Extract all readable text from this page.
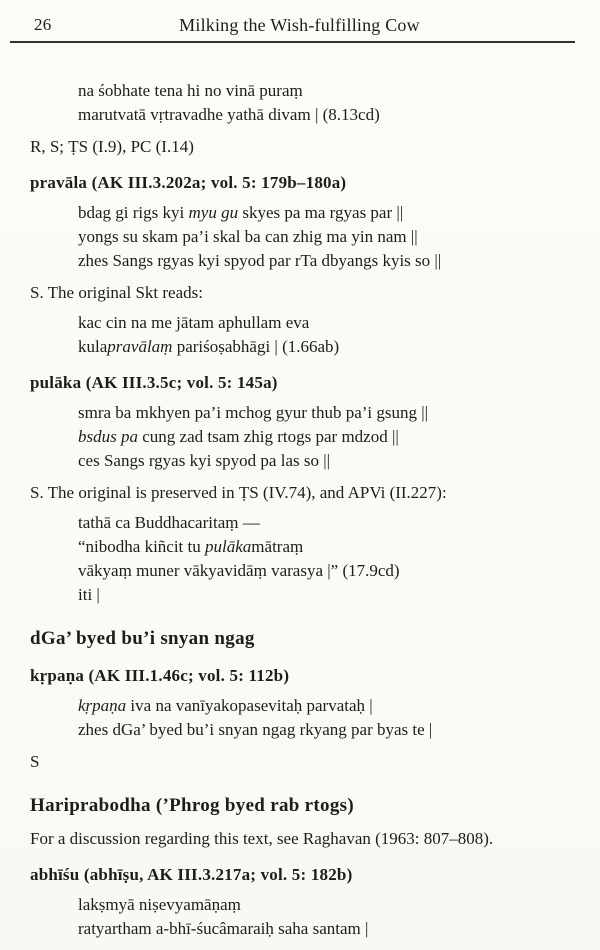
26	Milking the Wish-fulfilling Cow
na śobhate tena hi no vinā puraṃ
marutvatā vṛtravadhe yathā divam | (8.13cd)
R, S; ṬS (I.9), PC (I.14)
pravāla (AK III.3.202a; vol. 5: 179b–180a)
bdag gi rigs kyi myu gu skyes pa ma rgyas par ||
yongs su skam pa’i skal ba can zhig ma yin nam ||
zhes Sangs rgyas kyi spyod par rTa dbyangs kyis so ||
S. The original Skt reads:
kac cin na me jātam aphullam eva
kulapravālaṃ pariśoṣabhāgi | (1.66ab)
pulāka (AK III.3.5c; vol. 5: 145a)
smra ba mkhyen pa’i mchog gyur thub pa’i gsung ||
bsdus pa cung zad tsam zhig rtogs par mdzod ||
ces Sangs rgyas kyi spyod pa las so ||
S. The original is preserved in ṬS (IV.74), and APVi (II.227):
tathā ca Buddhacaritaṃ —
“nibodha kiñcit tu pulākamātraṃ
vākyaṃ muner vākyavidāṃ varasya |” (17.9cd)
iti |
dGa’ byed bu’i snyan ngag
kṛpaṇa (AK III.1.46c; vol. 5: 112b)
kṛpaṇa iva na vanīyakopasevitaḥ parvataḥ |
zhes dGa’ byed bu’i snyan ngag rkyang par byas te |
S
Hariprabodha (’Phrog byed rab rtogs)
For a discussion regarding this text, see Raghavan (1963: 807–808).
abhīśu (abhīṣu, AK III.3.217a; vol. 5: 182b)
lakṣmyā niṣevyamāṇaṃ
ratyartham a-bhī-śucâmaraiḥ saha santam |
